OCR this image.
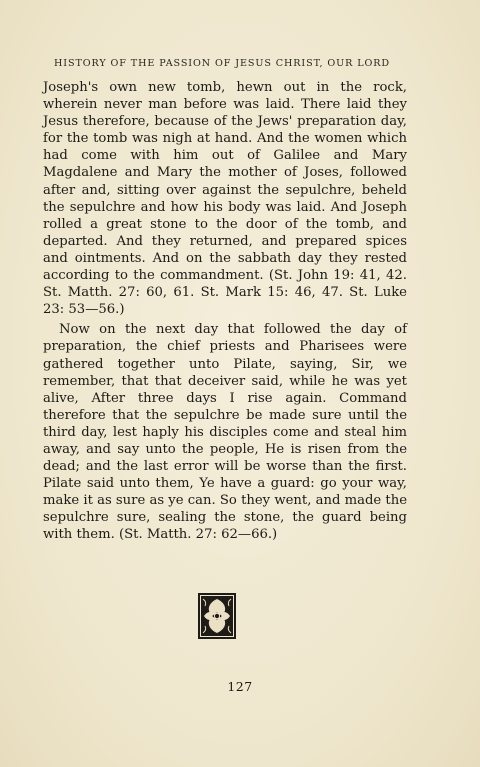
HISTORY OF THE PASSION OF JESUS CHRIST, OUR LORD

Joseph's own new tomb, hewn out in the rock, wherein never man before was laid. There laid they Jesus therefore, because of the Jews' preparation day, for the tomb was nigh at hand. And the women which had come with him out of Galilee and Mary Magdalene and Mary the mother of Joses, followed after and, sitting over against the sepulchre, beheld the sepulchre and how his body was laid. And Joseph rolled a great stone to the door of the tomb, and departed. And they returned, and prepared spices and ointments. And on the sabbath day they rested according to the commandment. (St. John 19: 41, 42. St. Matth. 27: 60, 61. St. Mark 15: 46, 47. St. Luke 23: 53—56.)

Now on the next day that followed the day of preparation, the chief priests and Pharisees were gathered together unto Pilate, saying, Sir, we remember, that that deceiver said, while he was yet alive, After three days I rise again. Command therefore that the sepulchre be made sure until the third day, lest haply his disciples come and steal him away, and say unto the people, He is risen from the dead; and the last error will be worse than the first. Pilate said unto them, Ye have a guard: go your way, make it as sure as ye can. So they went, and made the sepulchre sure, sealing the stone, the guard being with them. (St. Matth. 27: 62—66.)

127
